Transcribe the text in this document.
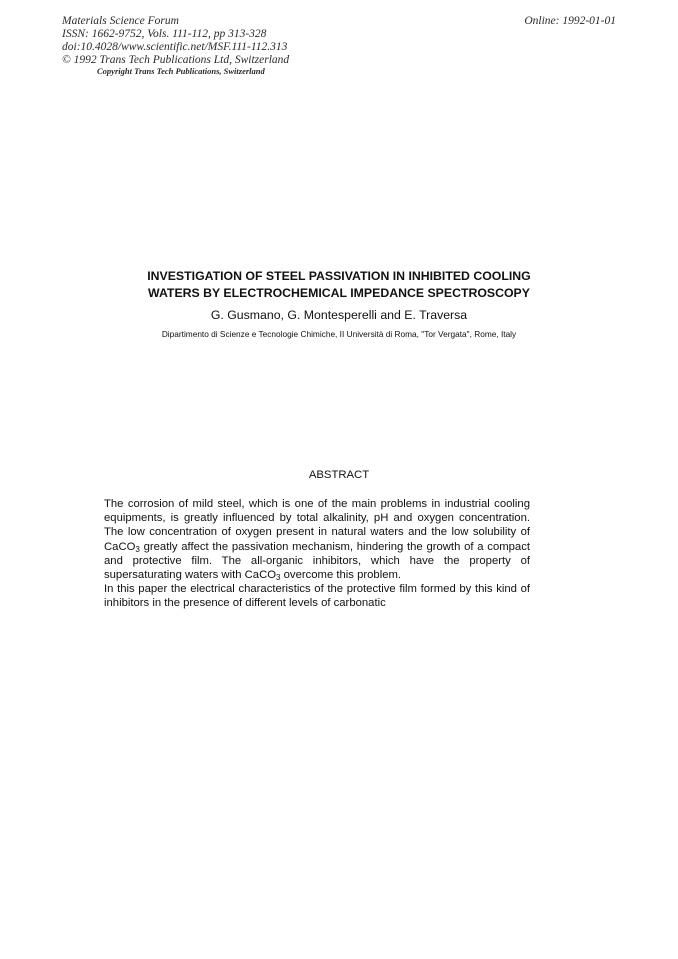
Materials Science Forum
ISSN: 1662-9752, Vols. 111-112, pp 313-328
doi:10.4028/www.scientific.net/MSF.111-112.313
© 1992 Trans Tech Publications Ltd, Switzerland
Copyright Trans Tech Publications, Switzerland
Online: 1992-01-01
INVESTIGATION OF STEEL PASSIVATION IN INHIBITED COOLING
WATERS BY ELECTROCHEMICAL IMPEDANCE SPECTROSCOPY
G. Gusmano, G. Montesperelli and E. Traversa
Dipartimento di Scienze e Tecnologie Chimiche, II Università di Roma, "Tor Vergata", Rome, Italy
ABSTRACT

The corrosion of mild steel, which is one of the main problems in industrial cooling equipments, is greatly influenced by total alkalinity, pH and oxygen concentration. The low concentration of oxygen present in natural waters and the low solubility of CaCO$_3$ greatly affect the passivation mechanism, hindering the growth of a compact and protective film. The all-organic inhibitors, which have the property of supersaturating waters with CaCO$_3$ overcome this problem.

In this paper the electrical characteristics of the protective film formed by this kind of inhibitors in the presence of different levels of carbonatic
